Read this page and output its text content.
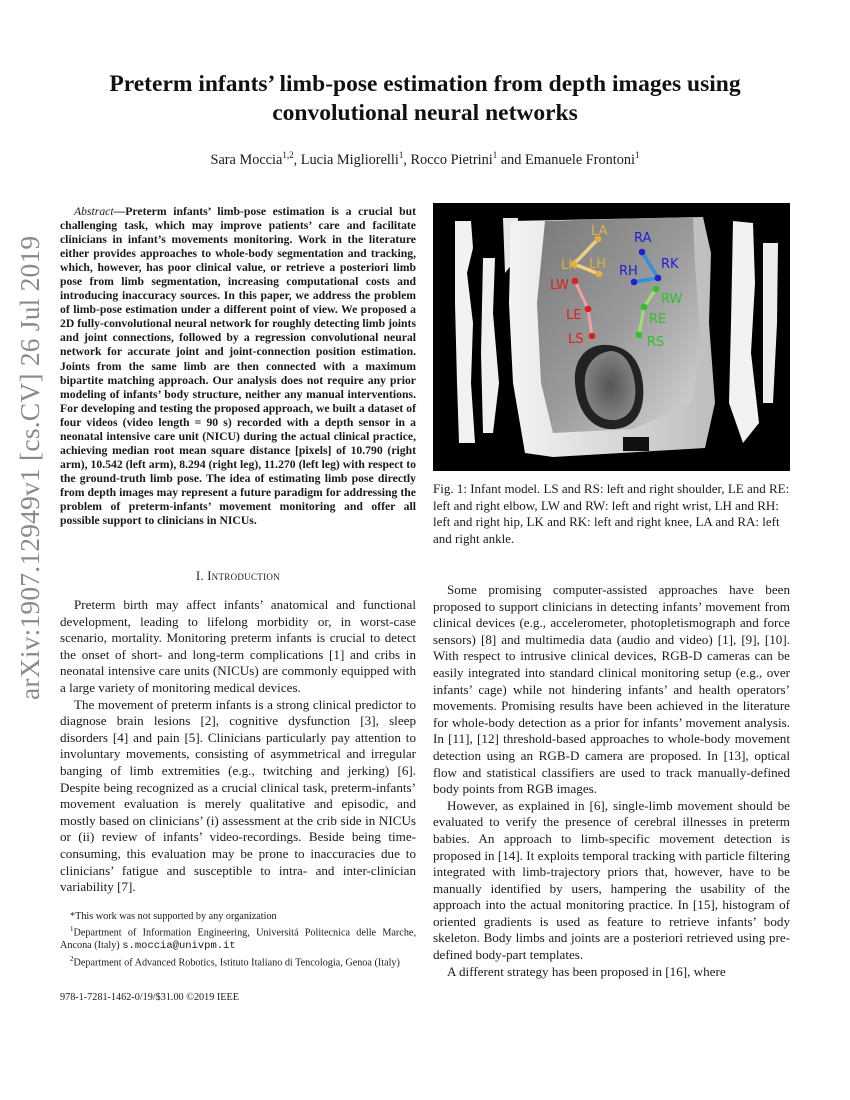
arXiv:1907.12949v1 [cs.CV] 26 Jul 2019
Preterm infants’ limb-pose estimation from depth images using convolutional neural networks
Sara Moccia$^{1,2}$, Lucia Migliorelli$^1$, Rocco Pietrini$^1$ and Emanuele Frontoni$^1$
Abstract—Preterm infants’ limb-pose estimation is a crucial but challenging task, which may improve patients’ care and facilitate clinicians in infant’s movements monitoring. Work in the literature either provides approaches to whole-body segmentation and tracking, which, however, has poor clinical value, or retrieve a posteriori limb pose from limb segmentation, increasing computational costs and introducing inaccuracy sources. In this paper, we address the problem of limb-pose estimation under a different point of view. We proposed a 2D fully-convolutional neural network for roughly detecting limb joints and joint connections, followed by a regression convolutional neural network for accurate joint and joint-connection position estimation. Joints from the same limb are then connected with a maximum bipartite matching approach. Our analysis does not require any prior modeling of infants’ body structure, neither any manual interventions. For developing and testing the proposed approach, we built a dataset of four videos (video length = 90 s) recorded with a depth sensor in a neonatal intensive care unit (NICU) during the actual clinical practice, achieving median root mean square distance [pixels] of 10.790 (right arm), 10.542 (left arm), 8.294 (right leg), 11.270 (left leg) with respect to the ground-truth limb pose. The idea of estimating limb pose directly from depth images may represent a future paradigm for addressing the problem of preterm-infants’ movement monitoring and offer all possible support to clinicians in NICUs.
I. Introduction

Preterm birth may affect infants’ anatomical and functional development, leading to lifelong morbidity or, in worst-case scenario, mortality. Monitoring preterm infants is crucial to detect the onset of short- and long-term complications [1] and cribs in neonatal intensive care units (NICUs) are commonly equipped with a large variety of monitoring medical devices.

The movement of preterm infants is a strong clinical predictor to diagnose brain lesions [2], cognitive dysfunction [3], sleep disorders [4] and pain [5]. Clinicians particularly pay attention to involuntary movements, consisting of asymmetrical and irregular banging of limb extremities (e.g., twitching and jerking) [6]. Despite being recognized as a crucial clinical task, preterm-infants’ movement evaluation is merely qualitative and episodic, and mostly based on clinicians’ (i) assessment at the crib side in NICUs or (ii) review of infants’ video-recordings. Beside being time-consuming, this evaluation may be prone to inaccuracies due to clinicians’ fatigue and susceptible to intra- and inter-clinician variability [7].

*This work was not supported by any organization

$^1$Department of Information Engineering, Universitá Politecnica delle Marche, Ancona (Italy) s.moccia@univpm.it

$^2$Department of Advanced Robotics, Istituto Italiano di Tencologia, Genoa (Italy)

978-1-7281-1462-0/19/$31.00 ©2019 IEEE
LA
LK LH
RA
RK
RH
LW
LE
LS
RW
RE
RS
Fig. 1: Infant model. LS and RS: left and right shoulder, LE and RE: left and right elbow, LW and RW: left and right wrist, LH and RH: left and right hip, LK and RK: left and right knee, LA and RA: left and right ankle.

Some promising computer-assisted approaches have been proposed to support clinicians in detecting infants’ movement from clinical devices (e.g., accelerometer, photopletismograph and force sensors) [8] and multimedia data (audio and video) [1], [9], [10]. With respect to intrusive clinical devices, RGB-D cameras can be easily integrated into standard clinical monitoring setup (e.g., over infants’ cage) while not hindering infants’ and health operators’ movements. Promising results have been achieved in the literature for whole-body detection as a prior for infants’ movement analysis. In [11], [12] threshold-based approaches to whole-body movement detection using an RGB-D camera are proposed. In [13], optical flow and statistical classifiers are used to track manually-defined body points from RGB images.

However, as explained in [6], single-limb movement should be evaluated to verify the presence of cerebral illnesses in preterm babies. An approach to limb-specific movement detection is proposed in [14]. It exploits temporal tracking with particle filtering integrated with limb-trajectory priors that, however, have to be manually identified by users, hampering the usability of the approach into the actual monitoring practice. In [15], histogram of oriented gradients is used as feature to retrieve infants’ body skeleton. Body limbs and joints are a posteriori retrieved using pre-defined body-part templates.

A different strategy has been proposed in [16], where
